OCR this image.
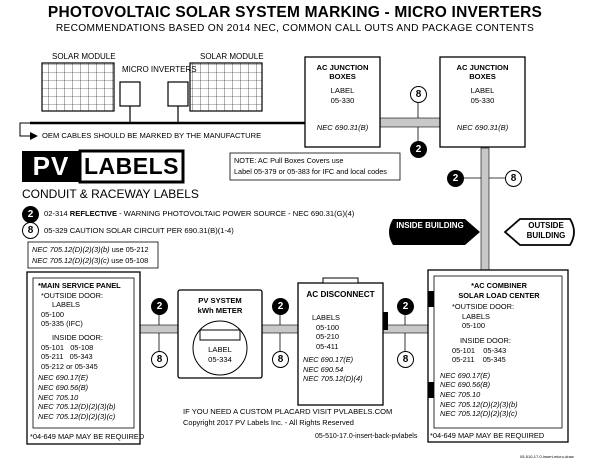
PHOTOVOLTAIC SOLAR SYSTEM MARKING - MICRO INVERTERS
RECOMMENDATIONS BASED ON 2014 NEC, COMMON CALL OUTS AND PACKAGE CONTENTS
SOLAR MODULE
MICRO INVERTERS
SOLAR MODULE
OEM CABLES SHOULD BE MARKED BY THE MANUFACTURE
AC JUNCTION
BOXES
LABEL
05-330
NEC 690.31(B)
AC JUNCTION
BOXES
LABEL
05-330
NEC 690.31(B)
8
2
2	8
NOTE: AC Pull Boxes Covers use
Label 05-379 or 05-383 for IFC and local codes
PV LABELS
CONDUIT & RACEWAY LABELS
2	02-314 REFLECTIVE - WARNING PHOTOVOLTAIC POWER SOURCE - NEC 690.31(G)(4)
8	05-329 CAUTION SOLAR CIRCUIT PER 690.31(B)(1-4)
NEC 705.12(D)(2)(3)(b) use 05-212
NEC 705.12(D)(2)(3)(c) use 05-108
INSIDE BUILDING	OUTSIDE BUILDING
*MAIN SERVICE PANEL
*OUTSIDE DOOR:
LABELS
05-100
05-335 (IFC)
INSIDE DOOR:
05-101 05-108
05-211 05-343
05-212 or 05-345
NEC 690.17(E)
NEC 690.56(B)
NEC 705.10
NEC 705.12(D)(2)(3)(b)
NEC 705.12(D)(2)(3)(c)
*04-649 MAP MAY BE REQUIRED
2
8
2
8
2
8
PV SYSTEM
kWh METER
LABEL
05-334
AC DISCONNECT
LABELS
05-100
05-210
05-411
NEC 690.17(E)
NEC 690.54
NEC 705.12(D)(4)
*AC COMBINER
SOLAR LOAD CENTER
*OUTSIDE DOOR:
LABELS
05-100
INSIDE DOOR:
05-101 05-343
05-211 05-345
NEC 690.17(E)
NEC 690.56(B)
NEC 705.10
NEC 705.12(D)(2)(3)(b)
NEC 705.12(D)(2)(3)(c)
*04-649 MAP MAY BE REQUIRED
IF YOU NEED A CUSTOM PLACARD VISIT PVLABELS.COM
Copyright 2017 PV Labels Inc. - All Rights Reserved
05-510-17.0-insert-back-pvlabels
05-510-17.0-insert-micro-draw
